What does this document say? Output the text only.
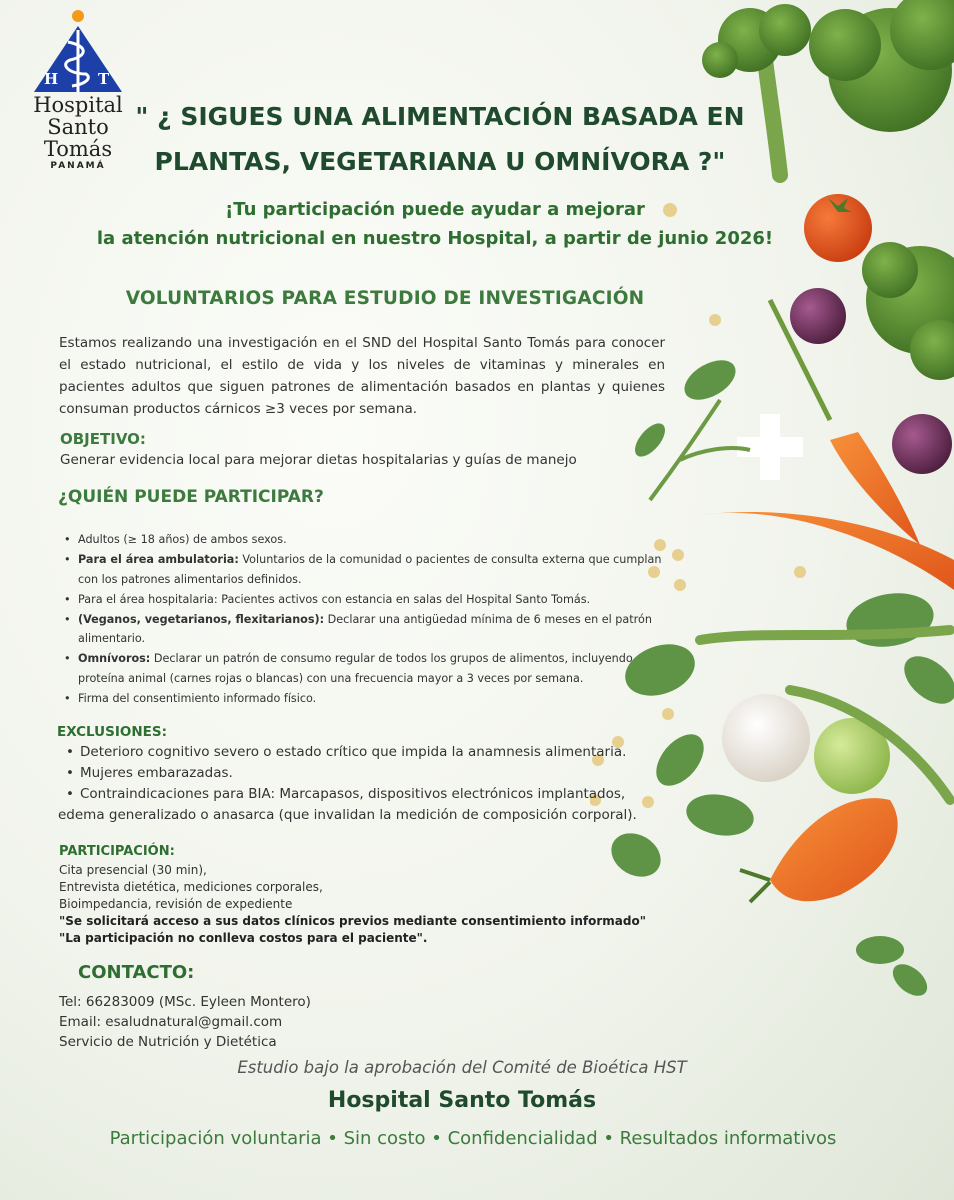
H	T
Hospital
Santo
Tomás
PANAMÁ
" ¿ SIGUES UNA ALIMENTACIÓN BASADA EN
PLANTAS, VEGETARIANA U OMNÍVORA ?"
¡Tu participación puede ayudar a mejorar
la atención nutricional en nuestro Hospital, a partir de junio 2026!
VOLUNTARIOS PARA ESTUDIO DE INVESTIGACIÓN

Estamos realizando una investigación en el SND del Hospital Santo Tomás para conocer el estado nutricional, el estilo de vida y los niveles de vitaminas y minerales en pacientes adultos que siguen patrones de alimentación basados en plantas y quienes consuman productos cárnicos ≥3 veces por semana.

OBJETIVO:
Generar evidencia local para mejorar dietas hospitalarias y guías de manejo
¿QUIÉN PUEDE PARTICIPAR?
• Adultos (≥ 18 años) de ambos sexos.
• Para el área ambulatoria: Voluntarios de la comunidad o pacientes de consulta externa que cumplan con los patrones alimentarios definidos.
• Para el área hospitalaria: Pacientes activos con estancia en salas del Hospital Santo Tomás.
• (Veganos, vegetarianos, flexitarianos): Declarar una antigüedad mínima de 6 meses en el patrón alimentario.
• Omnívoros: Declarar un patrón de consumo regular de todos los grupos de alimentos, incluyendo proteína animal (carnes rojas o blancas) con una frecuencia mayor a 3 veces por semana.
• Firma del consentimiento informado físico.
EXCLUSIONES:
• Deterioro cognitivo severo o estado crítico que impida la anamnesis alimentaria.
• Mujeres embarazadas.
• Contraindicaciones para BIA: Marcapasos, dispositivos electrónicos implantados,
edema generalizado o anasarca (que invalidan la medición de composición corporal).
PARTICIPACIÓN:
Cita presencial (30 min),
Entrevista dietética, mediciones corporales,
Bioimpedancia, revisión de expediente
"Se solicitará acceso a sus datos clínicos previos mediante consentimiento informado"
"La participación no conlleva costos para el paciente".
CONTACTO:
Tel: 66283009 (MSc. Eyleen Montero)
Email: esaludnatural@gmail.com
Servicio de Nutrición y Dietética
Estudio bajo la aprobación del Comité de Bioética HST
Hospital Santo Tomás
Participación voluntaria • Sin costo • Confidencialidad • Resultados informativos
